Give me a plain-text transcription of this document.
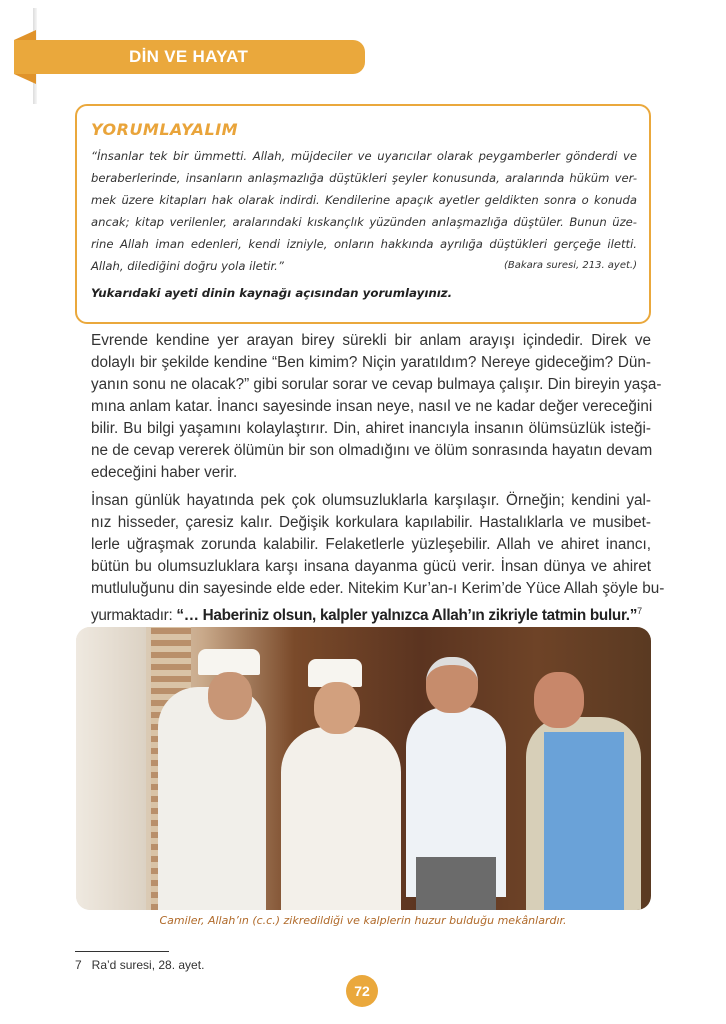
DİN VE HAYAT
YORUMLAYALIM
“İnsanlar tek bir ümmetti. Allah, müjdeciler ve uyarıcılar olarak peygamberler gönderdi ve
beraberlerinde, insanların anlaşmazlığa düştükleri şeyler konusunda, aralarında hüküm ver-
mek üzere kitapları hak olarak indirdi. Kendilerine apaçık ayetler geldikten sonra o konuda
ancak; kitap verilenler, aralarındaki kıskançlık yüzünden anlaşmazlığa düştüler. Bunun üze-
rine Allah iman edenleri, kendi izniyle, onların hakkında ayrılığa düştükleri gerçeğe iletti.
Allah, dilediğini doğru yola iletir.”	(Bakara suresi, 213. ayet.)
Yukarıdaki ayeti dinin kaynağı açısından yorumlayınız.
Evrende kendine yer arayan birey sürekli bir anlam arayışı içindedir. Direk ve
dolaylı bir şekilde kendine “Ben kimim? Niçin yaratıldım? Nereye gideceğim? Dün-
yanın sonu ne olacak?” gibi sorular sorar ve cevap bulmaya çalışır. Din bireyin yaşa-
mına anlam katar. İnancı sayesinde insan neye, nasıl ve ne kadar değer vereceğini
bilir. Bu bilgi yaşamını kolaylaştırır. Din, ahiret inancıyla insanın ölümsüzlük isteği-
ne de cevap vererek ölümün bir son olmadığını ve ölüm sonrasında hayatın devam
edeceğini haber verir.
İnsan günlük hayatında pek çok olumsuzluklarla karşılaşır. Örneğin; kendini yal-
nız hisseder, çaresiz kalır. Değişik korkulara kapılabilir. Hastalıklarla ve musibet-
lerle uğraşmak zorunda kalabilir. Felaketlerle yüzleşebilir. Allah ve ahiret inancı,
bütün bu olumsuzluklara karşı insana dayanma gücü verir. İnsan dünya ve ahiret
mutluluğunu din sayesinde elde eder. Nitekim Kur’an-ı Kerim’de Yüce Allah şöyle bu-
yurmaktadır: “… Haberiniz olsun, kalpler yalnızca Allah’ın zikriyle tatmin bulur.”$^7$
Camiler, Allah’ın (c.c.) zikredildiği ve kalplerin huzur bulduğu mekânlardır.
7   Ra’d suresi, 28. ayet.
72
